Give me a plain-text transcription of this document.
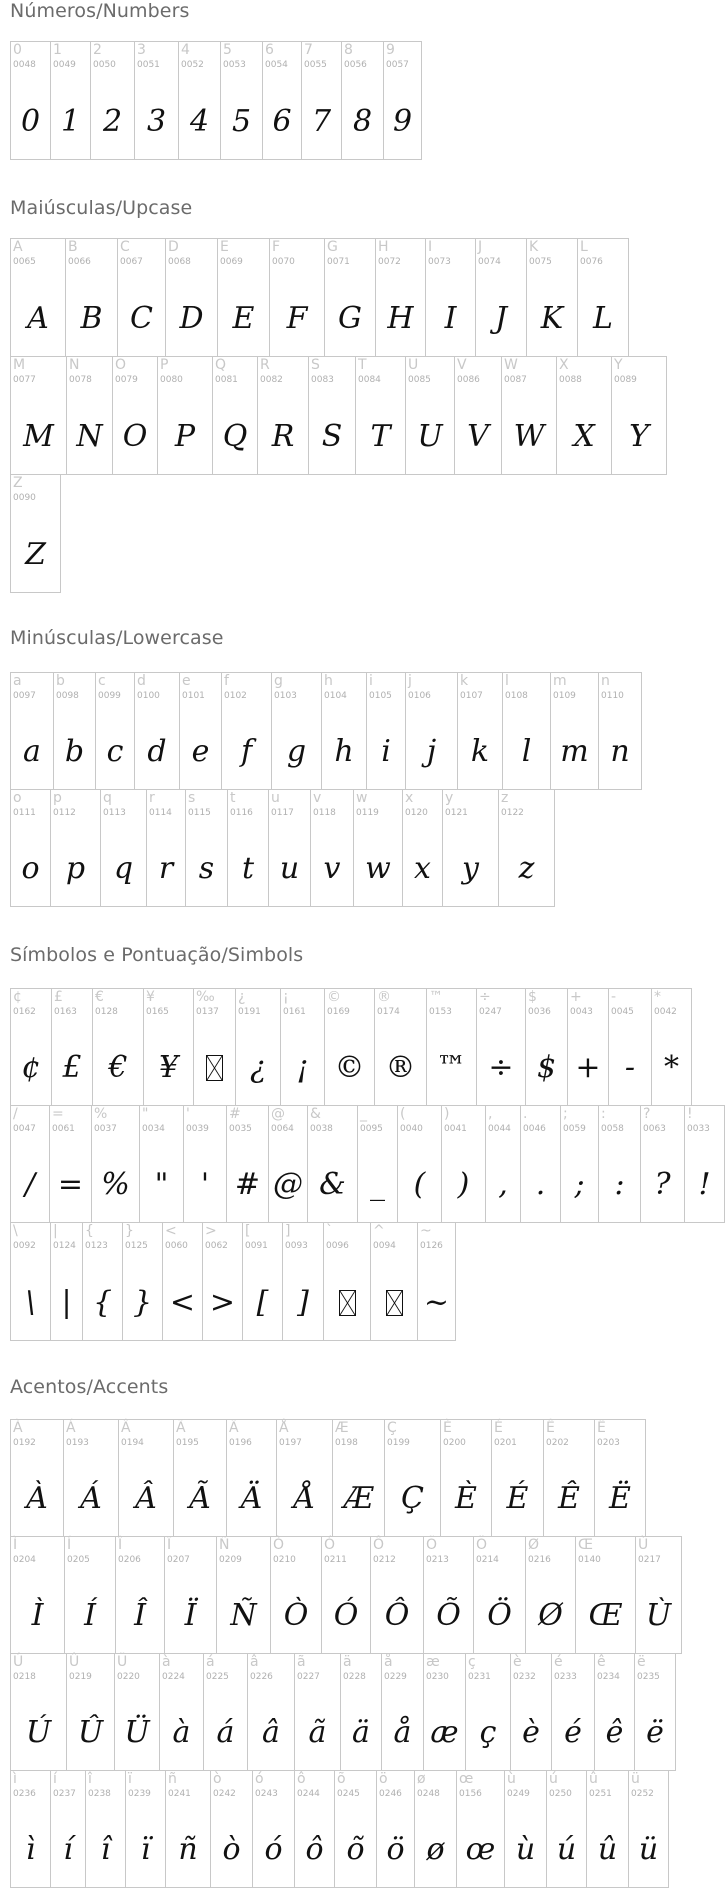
Números/Numbers
0
0048
0
1
0049
1
2
0050
2
3
0051
3
4
0052
4
5
0053
5
6
0054
6
7
0055
7
8
0056
8
9
0057
9
Maiúsculas/Upcase
A
0065
A
B
0066
B
C
0067
C
D
0068
D
E
0069
E
F
0070
F
G
0071
G
H
0072
H
I
0073
I
J
0074
J
K
0075
K
L
0076
L
M
0077
M
N
0078
N
O
0079
O
P
0080
P
Q
0081
Q
R
0082
R
S
0083
S
T
0084
T
U
0085
U
V
0086
V
W
0087
W
X
0088
X
Y
0089
Y
Z
0090
Z
Minúsculas/Lowercase
a
0097
a
b
0098
b
c
0099
c
d
0100
d
e
0101
e
f
0102
f
g
0103
g
h
0104
h
i
0105
i
j
0106
j
k
0107
k
l
0108
l
m
0109
m
n
0110
n
o
0111
o
p
0112
p
q
0113
q
r
0114
r
s
0115
s
t
0116
t
u
0117
u
v
0118
v
w
0119
w
x
0120
x
y
0121
y
z
0122
z
Símbolos e Pontuação/Simbols
¢
0162
¢
£
0163
£
€
0128
€
¥
0165
¥
‰
0137
¿
0191
¿
¡
0161
¡
©
0169
©
®
0174
®
™
0153
™
÷
0247
÷
$
0036
$
+
0043
+
-
0045
-
*
0042
*
/
0047
/
=
0061
=
%
0037
%
"
0034
"
'
0039
'
#
0035
#
@
0064
@
&
0038
&
_
0095
_
(
0040
(
)
0041
)
,
0044
,
.
0046
.
;
0059
;
:
0058
:
?
0063
?
!
0033
!
\
0092
\
|
0124
|
{
0123
{
}
0125
}
<
0060
<
>
0062
>
[
0091
[
]
0093
]
`
0096
^
0094
~
0126
~
Acentos/Accents
À
0192
À
Á
0193
Á
Â
0194
Â
Ã
0195
Ã
Ä
0196
Ä
Å
0197
Å
Æ
0198
Æ
Ç
0199
Ç
È
0200
È
É
0201
É
Ê
0202
Ê
Ë
0203
Ë
Ì
0204
Ì
Í
0205
Í
Î
0206
Î
Ï
0207
Ï
Ñ
0209
Ñ
Ò
0210
Ò
Ó
0211
Ó
Ô
0212
Ô
Õ
0213
Õ
Ö
0214
Ö
Ø
0216
Ø
Œ
0140
Œ
Ù
0217
Ù
Ú
0218
Ú
Û
0219
Û
Ü
0220
Ü
à
0224
à
á
0225
á
â
0226
â
ã
0227
ã
ä
0228
ä
å
0229
å
æ
0230
æ
ç
0231
ç
è
0232
è
é
0233
é
ê
0234
ê
ë
0235
ë
ì
0236
ì
í
0237
í
î
0238
î
ï
0239
ï
ñ
0241
ñ
ò
0242
ò
ó
0243
ó
ô
0244
ô
õ
0245
õ
ö
0246
ö
ø
0248
ø
œ
0156
œ
ù
0249
ù
ú
0250
ú
û
0251
û
ü
0252
ü
